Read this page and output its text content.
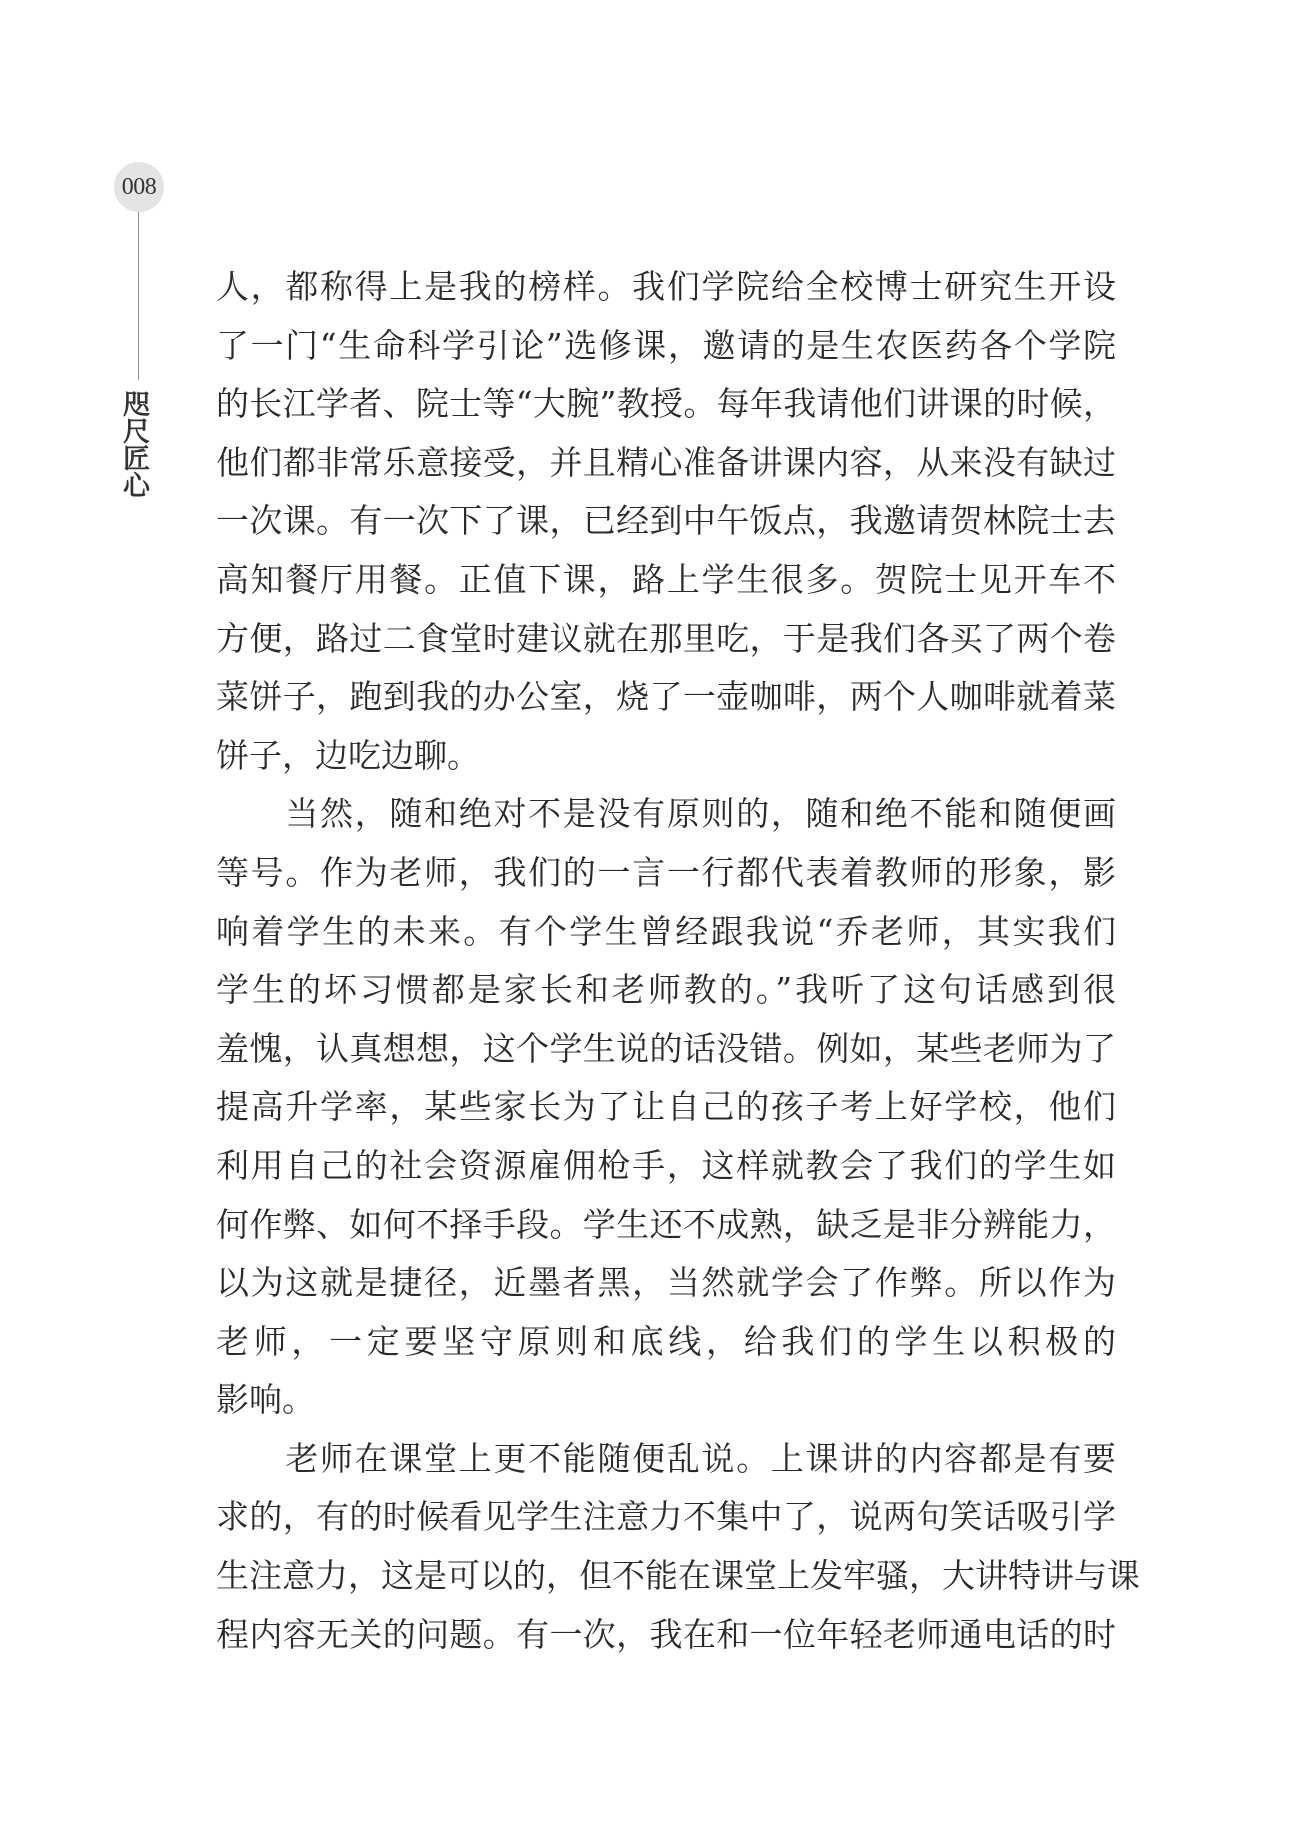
008
咫尺匠心
人，都称得上是我的榜样。我们学院给全校博士研究生开设
了一门“生命科学引论”选修课，邀请的是生农医药各个学院
的长江学者、院士等“大腕”教授。每年我请他们讲课的时候，
他们都非常乐意接受，并且精心准备讲课内容，从来没有缺过
一次课。有一次下了课，已经到中午饭点，我邀请贺林院士去
高知餐厅用餐。正值下课，路上学生很多。贺院士见开车不
方便，路过二食堂时建议就在那里吃，于是我们各买了两个卷
菜饼子，跑到我的办公室，烧了一壶咖啡，两个人咖啡就着菜
饼子，边吃边聊。
　　当然，随和绝对不是没有原则的，随和绝不能和随便画
等号。作为老师，我们的一言一行都代表着教师的形象，影
响着学生的未来。有个学生曾经跟我说“乔老师，其实我们
学生的坏习惯都是家长和老师教的。”我听了这句话感到很
羞愧，认真想想，这个学生说的话没错。例如，某些老师为了
提高升学率，某些家长为了让自己的孩子考上好学校，他们
利用自己的社会资源雇佣枪手，这样就教会了我们的学生如
何作弊、如何不择手段。学生还不成熟，缺乏是非分辨能力，
以为这就是捷径，近墨者黑，当然就学会了作弊。所以作为
老师，一定要坚守原则和底线，给我们的学生以积极的
影响。
　　老师在课堂上更不能随便乱说。上课讲的内容都是有要
求的，有的时候看见学生注意力不集中了，说两句笑话吸引学
生注意力，这是可以的，但不能在课堂上发牢骚，大讲特讲与课
程内容无关的问题。有一次，我在和一位年轻老师通电话的时
